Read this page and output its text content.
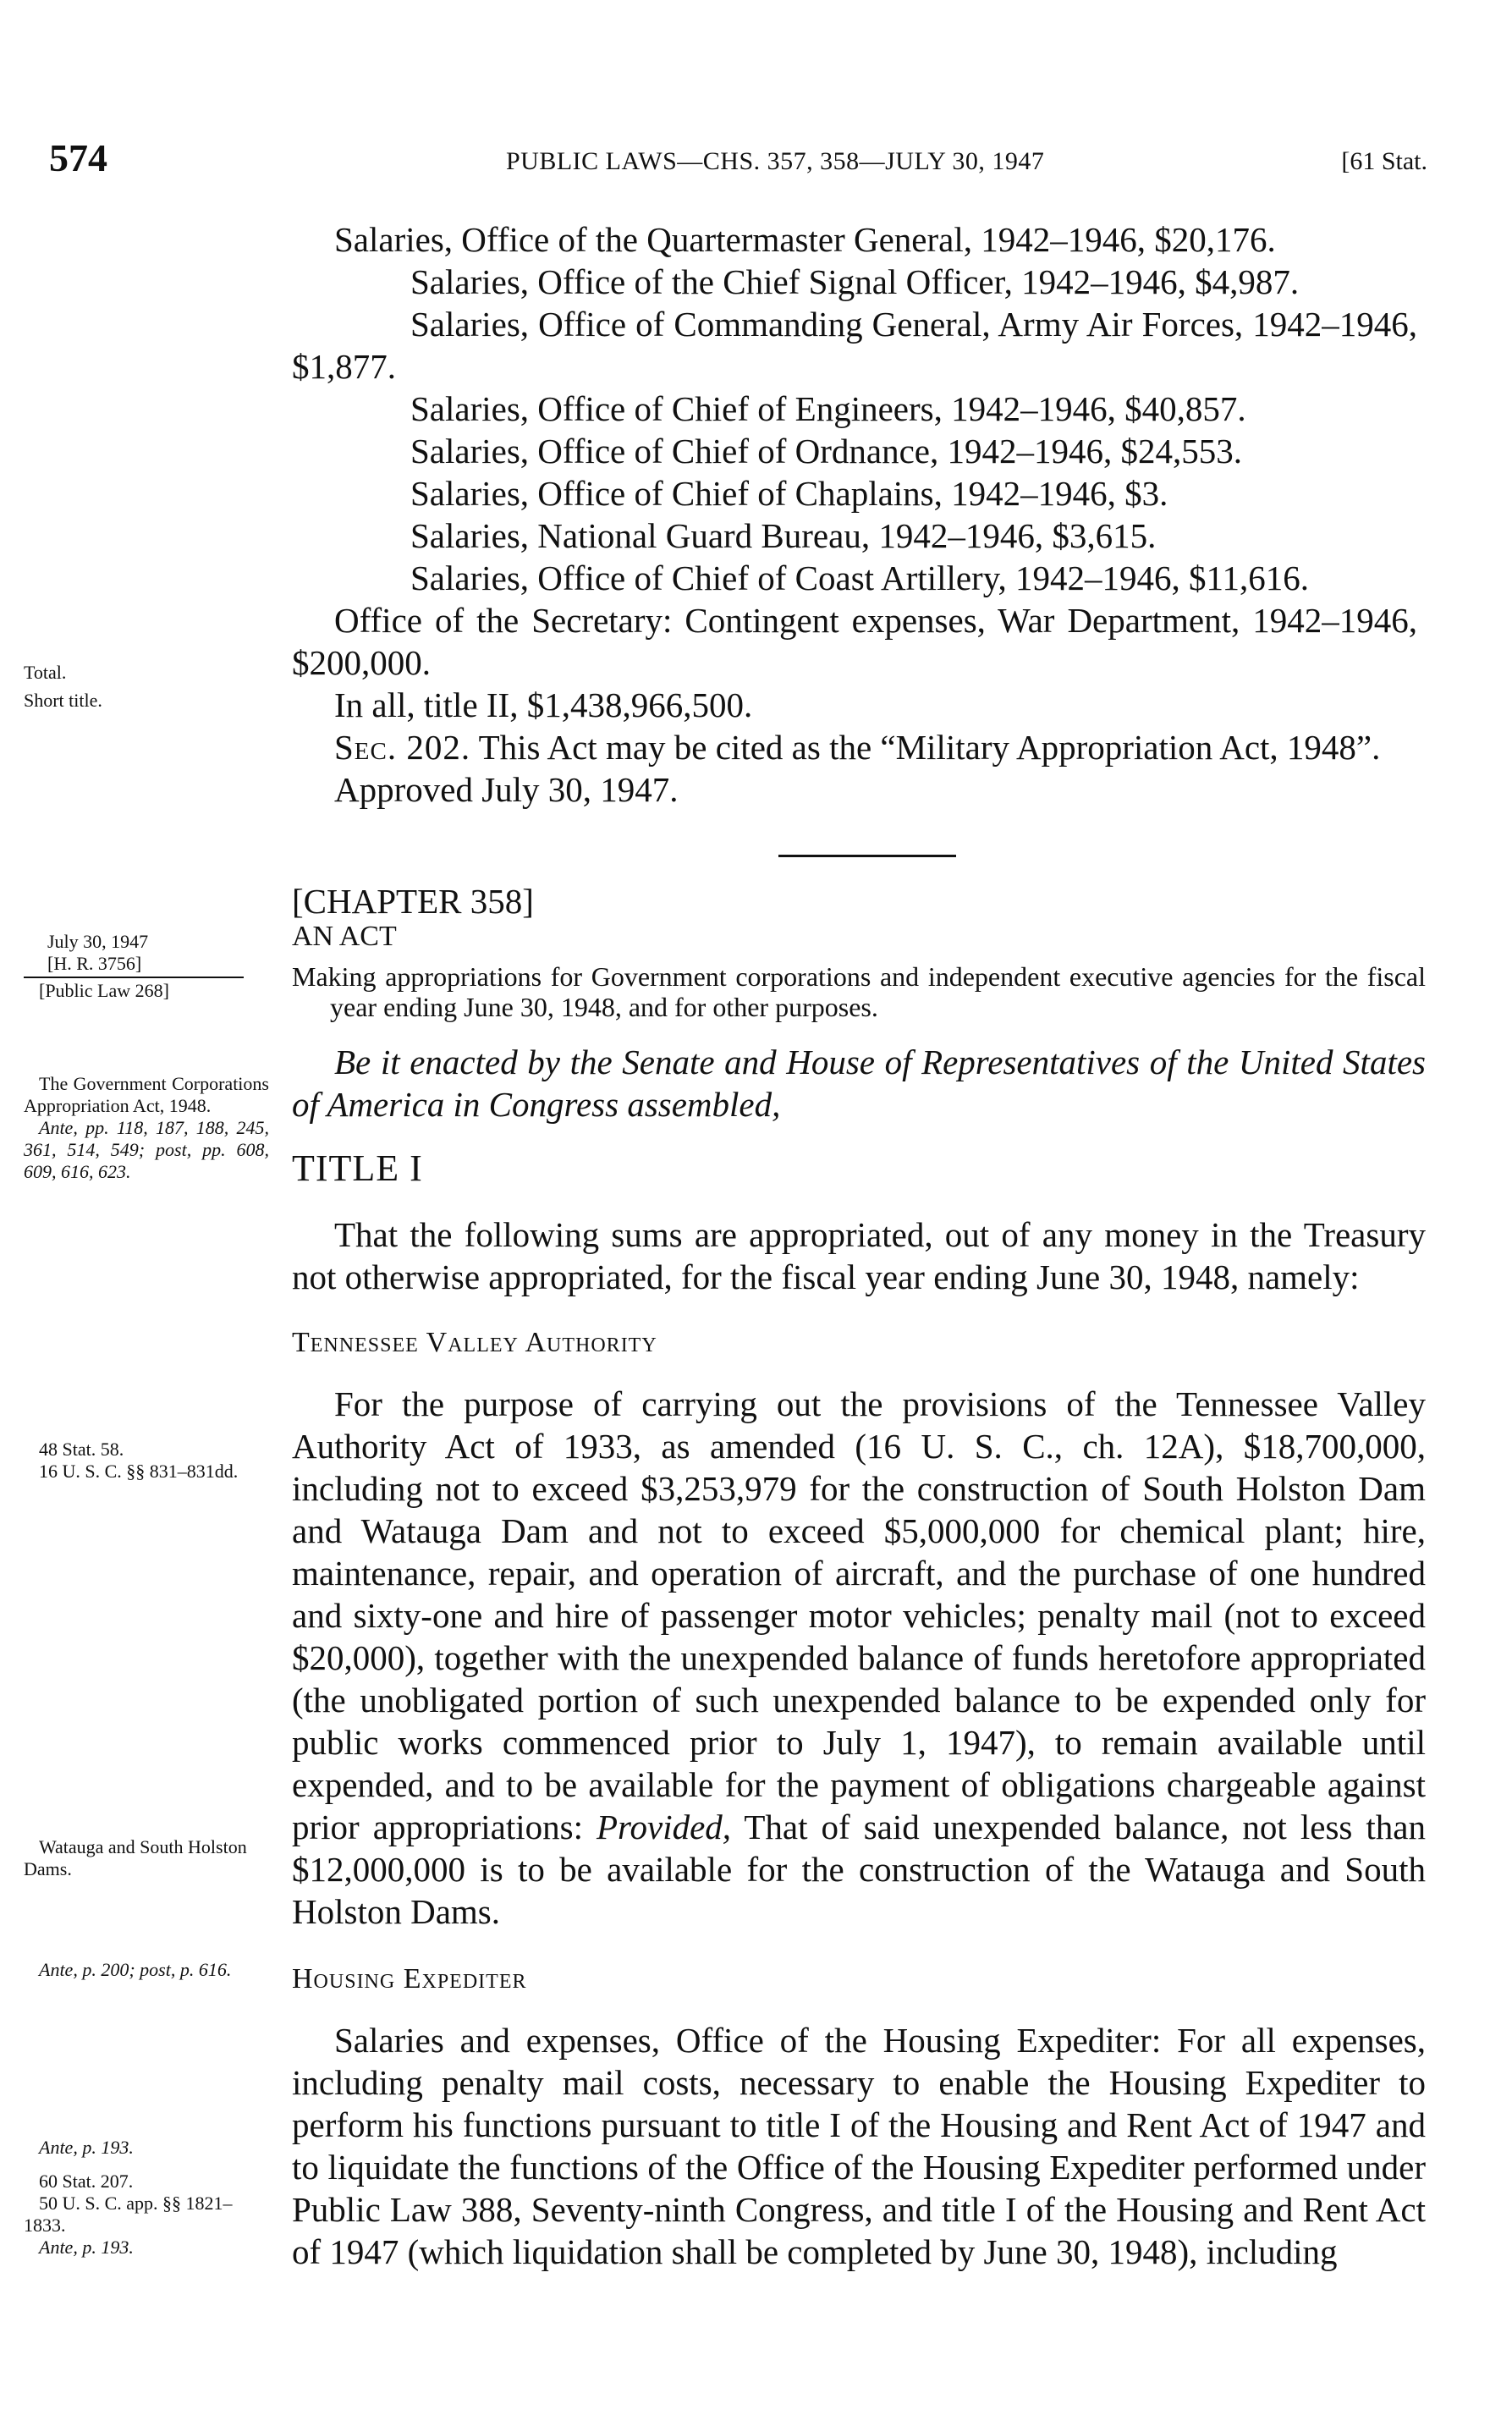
574	PUBLIC LAWS—CHS. 357, 358—JULY 30, 1947	[61 Stat.

Salaries, Office of the Quartermaster General, 1942–1946, $20,176.

Salaries, Office of the Chief Signal Officer, 1942–1946, $4,987.

Salaries, Office of Commanding General, Army Air Forces, 1942–1946, $1,877.

Salaries, Office of Chief of Engineers, 1942–1946, $40,857.

Salaries, Office of Chief of Ordnance, 1942–1946, $24,553.

Salaries, Office of Chief of Chaplains, 1942–1946, $3.

Salaries, National Guard Bureau, 1942–1946, $3,615.

Salaries, Office of Chief of Coast Artillery, 1942–1946, $11,616.

Office of the Secretary: Contingent expenses, War Department, 1942–1946, $200,000.

In all, title II, $1,438,966,500.

Sec. 202. This Act may be cited as the “Military Appropriation Act, 1948”.

Approved July 30, 1947.

[CHAPTER 358]

AN ACT

Making appropriations for Government corporations and independent executive agencies for the fiscal year ending June 30, 1948, and for other purposes.

Be it enacted by the Senate and House of Representatives of the United States of America in Congress assembled,

TITLE I

That the following sums are appropriated, out of any money in the Treasury not otherwise appropriated, for the fiscal year ending June 30, 1948, namely:

Tennessee Valley Authority

For the purpose of carrying out the provisions of the Tennessee Valley Authority Act of 1933, as amended (16 U. S. C., ch. 12A), $18,700,000, including not to exceed $3,253,979 for the construction of South Holston Dam and Watauga Dam and not to exceed $5,000,000 for chemical plant; hire, maintenance, repair, and operation of aircraft, and the purchase of one hundred and sixty-one and hire of passenger motor vehicles; penalty mail (not to exceed $20,000), together with the unexpended balance of funds heretofore appropriated (the unobligated portion of such unexpended balance to be expended only for public works commenced prior to July 1, 1947), to remain available until expended, and to be available for the payment of obligations chargeable against prior appropriations: Provided, That of said unexpended balance, not less than $12,000,000 is to be available for the construction of the Watauga and South Holston Dams.

Housing Expediter

Salaries and expenses, Office of the Housing Expediter: For all expenses, including penalty mail costs, necessary to enable the Housing Expediter to perform his functions pursuant to title I of the Housing and Rent Act of 1947 and to liquidate the functions of the Office of the Housing Expediter performed under Public Law 388, Seventy-ninth Congress, and title I of the Housing and Rent Act of 1947 (which liquidation shall be completed by June 30, 1948), including

Total.

Short title.

July 30, 1947

[H. R. 3756]

[Public Law 268]

The Government Corporations Appropriation Act, 1948.

Ante, pp. 118, 187, 188, 245, 361, 514, 549; post, pp. 608, 609, 616, 623.

48 Stat. 58.

16 U. S. C. §§ 831–831dd.

Watauga and South Holston Dams.

Ante, p. 200; post, p. 616.

Ante, p. 193.

60 Stat. 207.

50 U. S. C. app. §§ 1821–1833.

Ante, p. 193.
